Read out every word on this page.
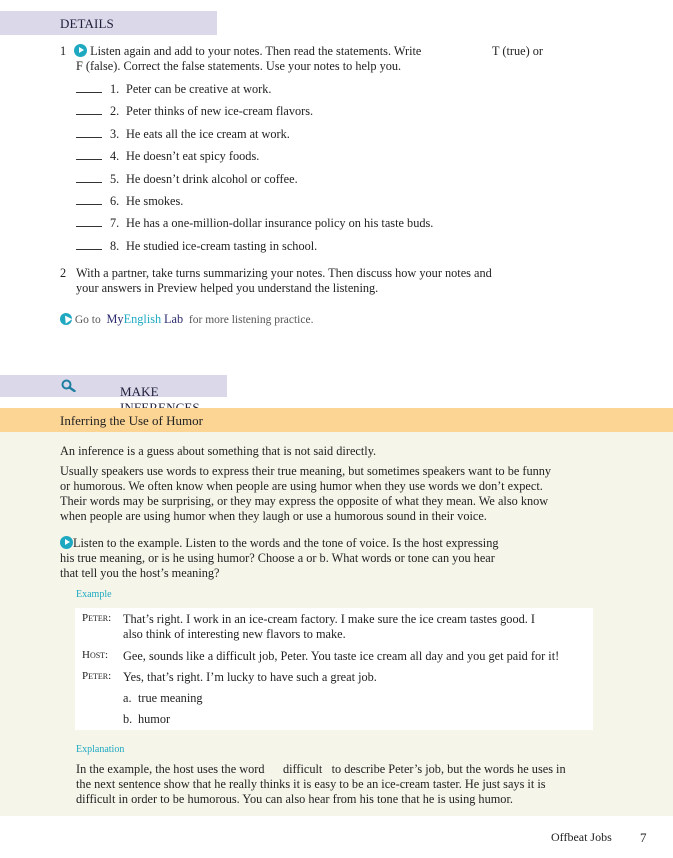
DETAILS
1	Listen again and add to your notes. Then read the statements. Write	T (true) or
F (false). Correct the false statements. Use your notes to help you.
1. Peter can be creative at work.
2. Peter thinks of new ice-cream flavors.
3. He eats all the ice cream at work.
4. He doesn’t eat spicy foods.
5. He doesn’t drink alcohol or coffee.
6. He smokes.
7. He has a one-million-dollar insurance policy on his taste buds.
8. He studied ice-cream tasting in school.
2 With a partner, take turns summarizing your notes. Then discuss how your notes and
your answers in Preview helped you understand the listening.
Go to MyEnglish Lab for more listening practice.
MAKE
Inferring the Use of Humor
An inference is a guess about something that is not said directly.
Usually speakers use words to express their true meaning, but sometimes speakers want to be funny
or humorous. We often know when people are using humor when they use words we don’t expect.
Their words may be surprising, or they may express the opposite of what they mean. We also know
when people are using humor when they laugh or use a humorous sound in their voice.
Listen to the example. Listen to the words and the tone of voice. Is the host expressing
his true meaning, or is he using humor? Choose a or b. What words or tone can you hear
that tell you the host’s meaning?
Example
Peter: That’s right. I work in an ice-cream factory. I make sure the ice cream tastes good. I
also think of interesting new flavors to make.
Host:	Gee, sounds like a difficult job, Peter. You taste ice cream all day and you get paid for it!
Peter: Yes, that’s right. I’m lucky to have such a great job.
a. true meaning
b. humor
Explanation
In the example, the host uses the word      difficult   to describe Peter’s job, but the words he uses in
the next sentence show that he really thinks it is easy to be an ice-cream taster. He just says it is
difficult in order to be humorous. You can also hear from his tone that he is using humor.
Offbeat Jobs 7
